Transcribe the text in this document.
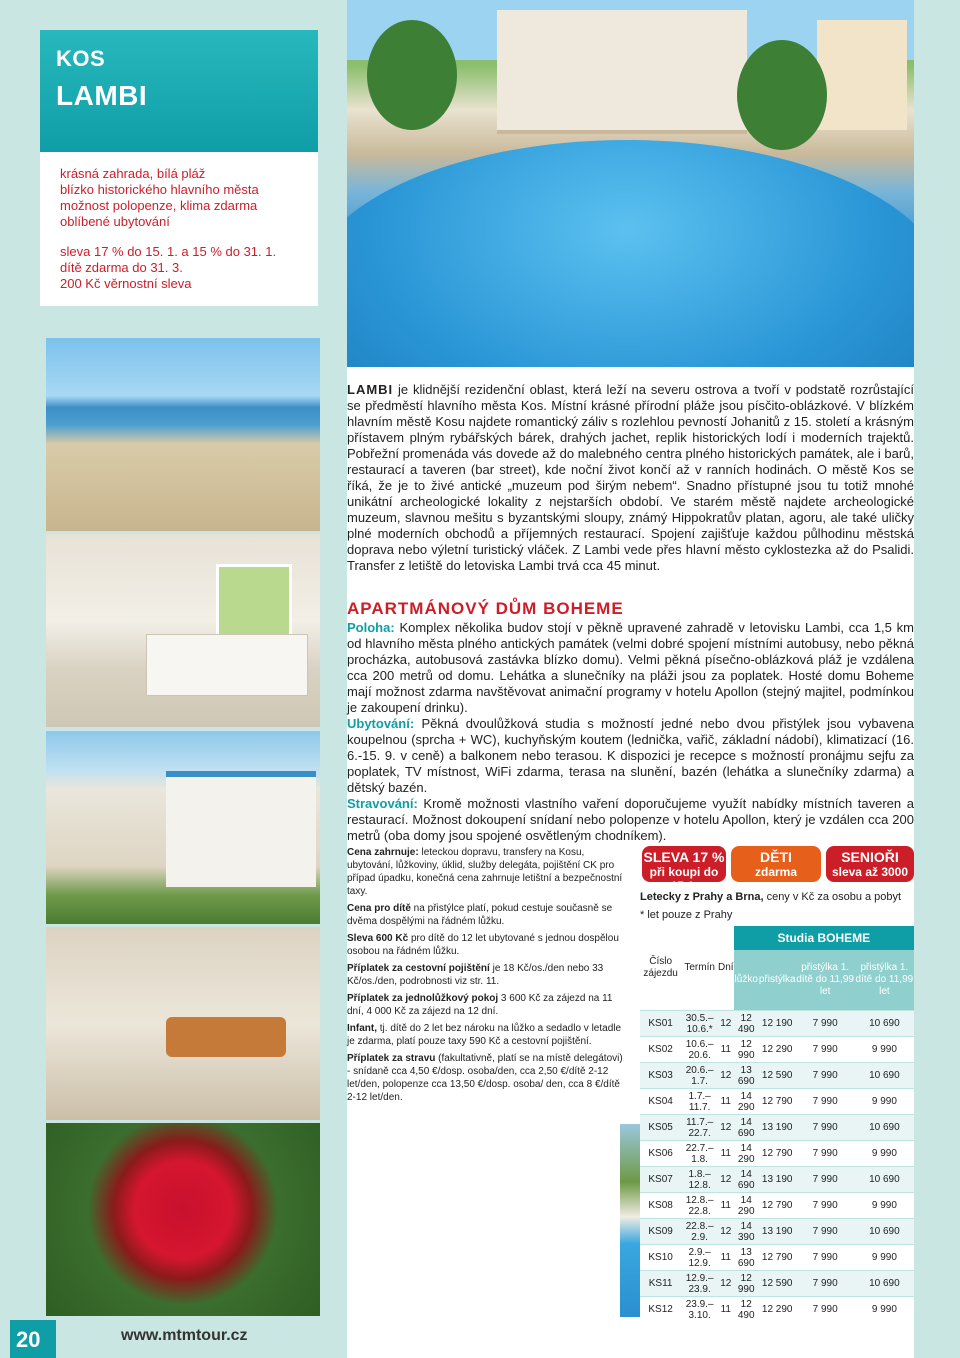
KOS
LAMBI
krásná zahrada, bílá pláž
blízko historického hlavního města
možnost polopenze, klima zdarma
oblíbené ubytování
sleva 17 % do 15. 1. a 15 % do 31. 1.
dítě zdarma do 31. 3.
200 Kč věrnostní sleva
LAMBI je klidnější rezidenční oblast, která leží na severu ostrova a tvoří v podstatě rozrůstající se předměstí hlavního města Kos. Místní krásné přírodní pláže jsou písčito-oblázkové. V blízkém hlavním městě Kosu najdete romantický záliv s rozlehlou pevností Johanitů z 15. století a krásným přístavem plným rybářských bárek, drahých jachet, replik historických lodí i moderních trajektů. Pobřežní promenáda vás dovede až do malebného centra plného historických památek, ale i barů, restaurací a taveren (bar street), kde noční život končí až v ranních hodinách. O městě Kos se říká, že je to živé antické „muzeum pod širým nebem“. Snadno přístupné jsou tu totiž mnohé unikátní archeologické lokality z nejstarších období. Ve starém městě najdete archeologické muzeum, slavnou mešitu s byzantskými sloupy, známý Hippokratův platan, agoru, ale také uličky plné moderních obchodů a příjemných restaurací. Spojení zajišťuje každou půlhodinu městská doprava nebo výletní turistický vláček. Z Lambi vede přes hlavní město cyklostezka až do Psalidi. Transfer z letiště do letoviska Lambi trvá cca 45 minut.
APARTMÁNOVÝ DŮM BOHEME
Poloha: Komplex několika budov stojí v pěkně upravené zahradě v letovisku Lambi, cca 1,5 km od hlavního města plného antických památek (velmi dobré spojení místními autobusy, nebo pěkná procházka, autobusová zastávka blízko domu). Velmi pěkná písečno-oblázková pláž je vzdálena cca 200 metrů od domu. Lehátka a slunečníky na pláži jsou za poplatek. Hosté domu Boheme mají možnost zdarma navštěvovat animační programy v hotelu Apollon (stejný majitel, podmínkou je zakoupení drinku).
Ubytování: Pěkná dvoulůžková studia s možností jedné nebo dvou přistýlek jsou vybavena koupelnou (sprcha + WC), kuchyňským koutem (lednička, vařič, základní nádobí), klimatizací (16. 6.-15. 9. v ceně) a balkonem nebo terasou. K dispozici je recepce s možností pronájmu sejfu za poplatek, TV místnost, WiFi zdarma, terasa na slunění, bazén (lehátka a slunečníky zdarma) a dětský bazén.
Stravování: Kromě možnosti vlastního vaření doporučujeme využít nabídky místních taveren a restaurací. Možnost dokoupení snídaní nebo polopenze v hotelu Apollon, který je vzdálen cca 200 metrů (oba domy jsou spojené osvětleným chodníkem).

Cena zahrnuje: leteckou dopravu, transfery na Kosu, ubytování, lůžkoviny, úklid, služby delegáta, pojištění CK pro případ úpadku, konečná cena zahrnuje letištní a bezpečnostní taxy.

Cena pro dítě na přistýlce platí, pokud cestuje současně se dvěma dospělými na řádném lůžku.

Sleva 600 Kč pro dítě do 12 let ubytované s jednou dospělou osobou na řádném lůžku.

Příplatek za cestovní pojištění je 18 Kč/os./den nebo 33 Kč/os./den, podrobnosti viz str. 11.

Příplatek za jednolůžkový pokoj 3 600 Kč za zájezd na 11 dní, 4 000 Kč za zájezd na 12 dní.

Infant, tj. dítě do 2 let bez nároku na lůžko a sedadlo v letadle je zdarma, platí pouze taxy 590 Kč a cestovní pojištění.

Příplatek za stravu (fakultativně, platí se na místě delegátovi) - snídaně cca 4,50 €/dosp. osoba/den, cca 2,50 €/dítě 2-12 let/den, polopenze cca 13,50 €/dosp. osoba/ den, cca 8 €/dítě 2-12 let/den.

SLEVA 17 %
při koupi do 15.1.
DĚTI
zdarma
SENIOŘI
sleva až 3000
Letecky z Prahy a Brna, ceny v Kč za osobu a pobyt
* let pouze z Prahy
Číslo zájezdu	Termín	Dní	Studia BOHEME			
			lůžko	přistýlka	přistýlka 1. dítě do 11,99 let	přistýlka 1. dítě do 11,99 let
KS01	30.5.–10.6.*	12	12 490	12 190	7 990	10 690
KS02	10.6.–20.6.	11	12 990	12 290	7 990	9 990
KS03	20.6.–1.7.	12	13 690	12 590	7 990	10 690
KS04	1.7.–11.7.	11	14 290	12 790	7 990	9 990
KS05	11.7.–22.7.	12	14 690	13 190	7 990	10 690
KS06	22.7.–1.8.	11	14 290	12 790	7 990	9 990
KS07	1.8.–12.8.	12	14 690	13 190	7 990	10 690
KS08	12.8.–22.8.	11	14 290	12 790	7 990	9 990
KS09	22.8.–2.9.	12	14 390	13 190	7 990	10 690
KS10	2.9.–12.9.	11	13 690	12 790	7 990	9 990
KS11	12.9.–23.9.	12	12 990	12 590	7 990	10 690
KS12	23.9.–3.10.	11	12 490	12 290	7 990	9 990
20	www.mtmtour.cz
